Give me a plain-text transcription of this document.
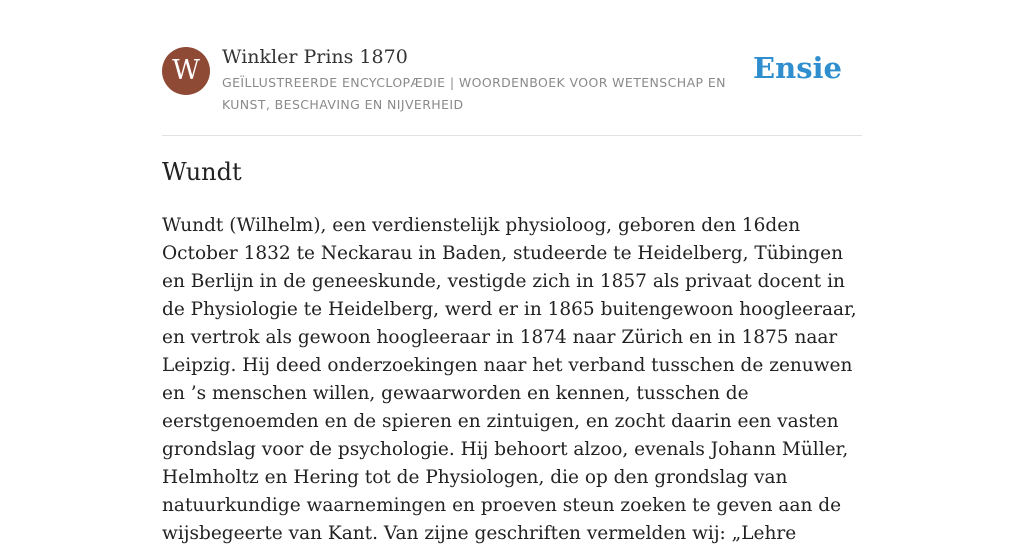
W	Winkler Prins 1870
GEÏLLUSTREERDE ENCYCLOPÆDIE | WOORDENBOEK VOOR WETENSCHAP EN KUNST, BESCHAVING EN NIJVERHEID
Ensie
Wundt

Wundt (Wilhelm), een verdienstelijk physioloog, geboren den 16den October 1832 te Neckarau in Baden, studeerde te Heidelberg, Tübingen en Berlijn in de geneeskunde, vestigde zich in 1857 als privaat docent in de Physiologie te Heidelberg, werd er in 1865 buitengewoon hoogleeraar, en vertrok als gewoon hoogleeraar in 1874 naar Zürich en in 1875 naar Leipzig. Hij deed onderzoekingen naar het verband tusschen de zenuwen en ’s menschen willen, gewaarworden en kennen, tusschen de eerstgenoemden en de spieren en zintuigen, en zocht daarin een vasten grondslag voor de psychologie. Hij behoort alzoo, evenals Johann Müller, Helmholtz en Hering tot de Physiologen, die op den grondslag van natuurkundige waarnemingen en proeven steun zoeken te geven aan de wijsbegeerte van Kant. Van zijne geschriften vermelden wij: „Lehre
